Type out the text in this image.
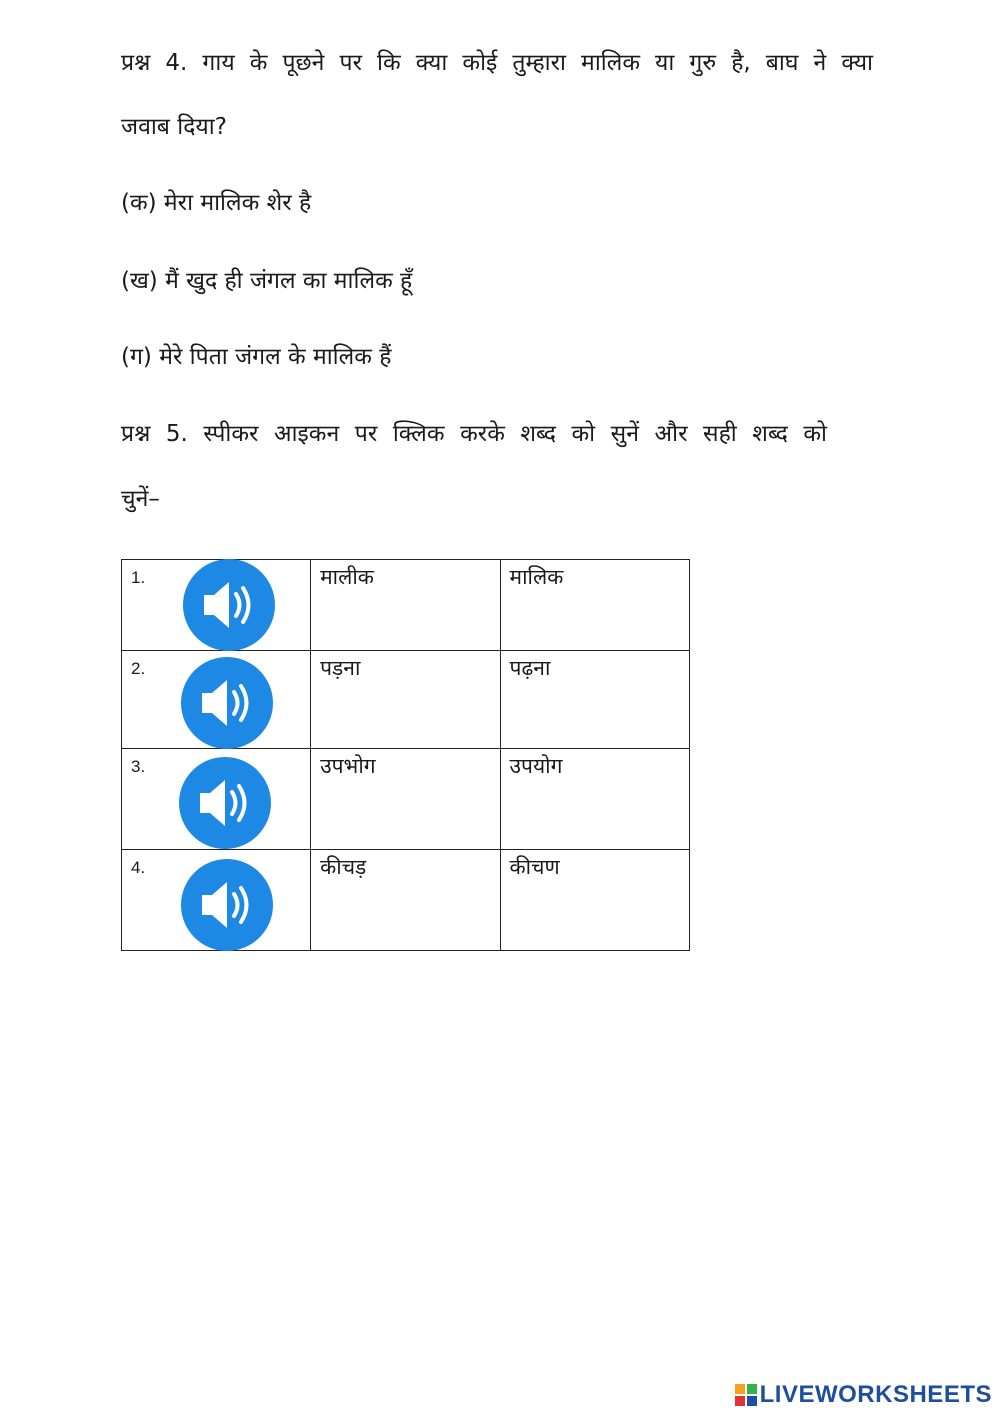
प्रश्न 4. गाय के पूछने पर कि क्या कोई तुम्हारा मालिक या गुरु है, बाघ ने क्या
जवाब दिया?
(क) मेरा मालिक शेर है
(ख) मैं खुद ही जंगल का मालिक हूँ
(ग) मेरे पिता जंगल के मालिक हैं
प्रश्न 5. स्पीकर आइकन पर क्लिक करके शब्द को सुनें और सही शब्द को
चुनें–
1.	मालीक	मालिक

2.	पड़ना	पढ़ना

3.	उपभोग	उपयोग

4.	कीचड़	कीचण
LIVEWORKSHEETS
